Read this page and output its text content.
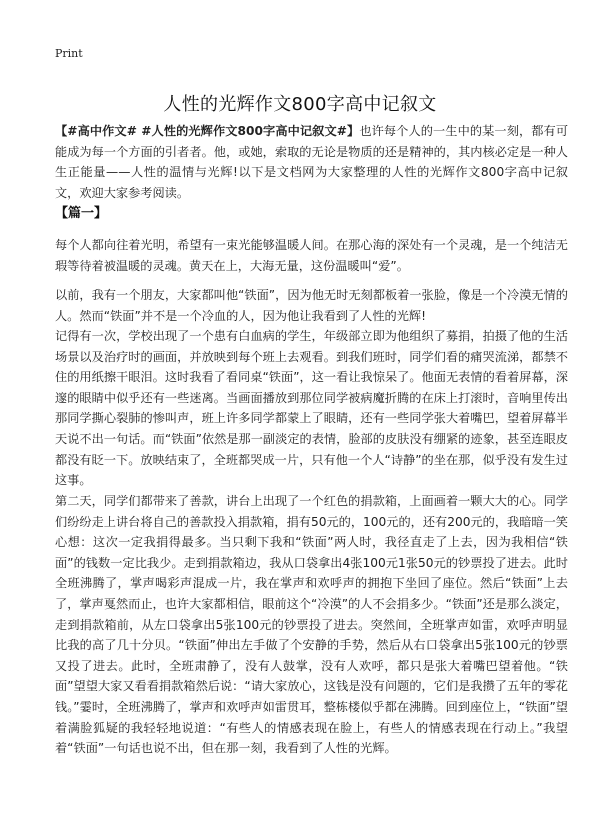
Print
人性的光辉作文800字高中记叙文
【#高中作文# #人性的光辉作文800字高中记叙文#】也许每个人的一生中的某一刻，都有可能成为每一个方面的引者者。他，或她，索取的无论是物质的还是精神的，其内核必定是一种人生正能量——人性的温情与光辉!以下是文档网为大家整理的人性的光辉作文800字高中记叙文，欢迎大家参考阅读。
【篇一】
每个人都向往着光明，希望有一束光能够温暖人间。在那心海的深处有一个灵魂，是一个纯洁无瑕等待着被温暖的灵魂。黄天在上，大海无量，这份温暖叫“爱”。
以前，我有一个朋友，大家都叫他“铁面”，因为他无时无刻都板着一张脸，像是一个冷漠无情的人。然而“铁面”并不是一个冷血的人，因为他让我看到了人性的光辉!
记得有一次，学校出现了一个患有白血病的学生，年级部立即为他组织了募捐，拍摄了他的生活场景以及治疗时的画面，并放映到每个班上去观看。到我们班时，同学们看的痛哭流涕，都禁不住的用纸擦干眼泪。这时我看了看同桌“铁面”，这一看让我惊呆了。他面无表情的看着屏幕，深邃的眼睛中似乎还有一些迷离。当画面播放到那位同学被病魔折腾的在床上打滚时，音响里传出那同学撕心裂肺的惨叫声，班上许多同学都蒙上了眼睛，还有一些同学张大着嘴巴，望着屏幕半天说不出一句话。而“铁面”依然是那一副淡定的表情，脸部的皮肤没有绷紧的迹象，甚至连眼皮都没有眨一下。放映结束了，全班都哭成一片，只有他一个人“诗静”的坐在那，似乎没有发生过这事。
第二天，同学们都带来了善款，讲台上出现了一个红色的捐款箱，上面画着一颗大大的心。同学们纷纷走上讲台将自己的善款投入捐款箱，捐有50元的，100元的，还有200元的，我暗暗一笑心想：这次一定我捐得最多。当只剩下我和“铁面”两人时，我径直走了上去，因为我相信“铁面”的钱数一定比我少。走到捐款箱边，我从口袋拿出4张100元1张50元的钞票投了进去。此时全班沸腾了，掌声喝彩声混成一片，我在掌声和欢呼声的拥抱下坐回了座位。然后“铁面”上去了，掌声戛然而止，也许大家都相信，眼前这个“冷漠”的人不会捐多少。“铁面”还是那么淡定，走到捐款箱前，从左口袋拿出5张100元的钞票投了进去。突然间，全班掌声如雷，欢呼声明显比我的高了几十分贝。“铁面”伸出左手做了个安静的手势，然后从右口袋拿出5张100元的钞票又投了进去。此时，全班肃静了，没有人鼓掌，没有人欢呼，都只是张大着嘴巴望着他。“铁面”望望大家又看看捐款箱然后说：“请大家放心，这钱是没有问题的，它们是我攒了五年的零花钱。”霎时，全班沸腾了，掌声和欢呼声如雷贯耳，整栋楼似乎都在沸腾。回到座位上，“铁面”望着满脸狐疑的我轻轻地说道：“有些人的情感表现在脸上，有些人的情感表现在行动上。”我望着“铁面”一句话也说不出，但在那一刻，我看到了人性的光辉。
